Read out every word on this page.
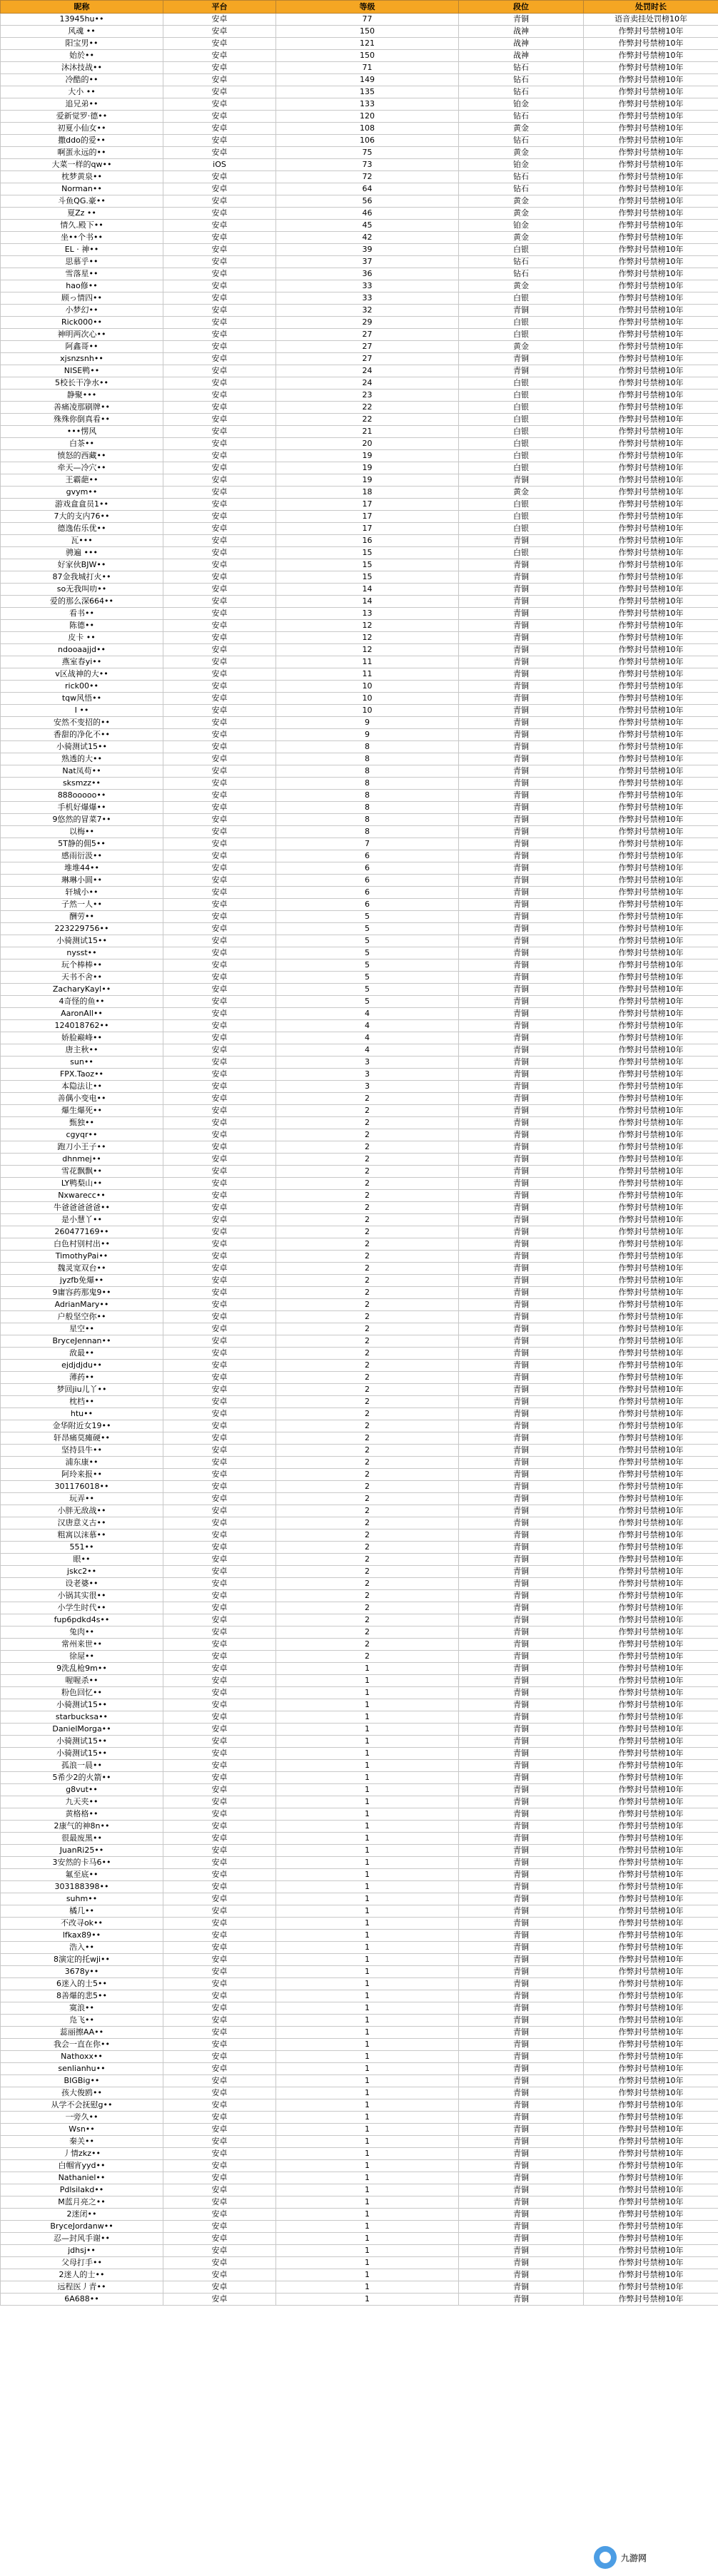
昵称	平台	等级	段位	处罚时长
13945hu••	安卓	77	青铜	语音卖挂处罚榜10年
风魂 ••	安卓	150	战神	作弊封号禁榜10年
阳宝男••	安卓	121	战神	作弊封号禁榜10年
始於••	安卓	150	战神	作弊封号禁榜10年
沐沐技战••	安卓	71	钻石	作弊封号禁榜10年
冷酷的••	安卓	149	钻石	作弊封号禁榜10年
大小 ••	安卓	135	钻石	作弊封号禁榜10年
追兄弟••	安卓	133	铂金	作弊封号禁榜10年
爱新觉罗·德••	安卓	120	钻石	作弊封号禁榜10年
初夏小仙女••	安卓	108	黄金	作弊封号禁榜10年
撒ddo的爱••	安卓	106	钻石	作弊封号禁榜10年
啊蛋永远的••	安卓	75	黄金	作弊封号禁榜10年
大菜一样的qw••	iOS	73	铂金	作弊封号禁榜10年
枕梦黄泉••	安卓	72	钻石	作弊封号禁榜10年
Norman••	安卓	64	钻石	作弊封号禁榜10年
斗鱼QG.豪••	安卓	56	黄金	作弊封号禁榜10年
夏Zz ••	安卓	46	黄金	作弊封号禁榜10年
情久.殿下••	安卓	45	铂金	作弊封号禁榜10年
坐••个书••	安卓	42	黄金	作弊封号禁榜10年
EL · 神••	安卓	39	白银	作弊封号禁榜10年
思慕乎••	安卓	37	钻石	作弊封号禁榜10年
雪落星••	安卓	36	钻石	作弊封号禁榜10年
hao修••	安卓	33	黄金	作弊封号禁榜10年
顾っ情四••	安卓	33	白银	作弊封号禁榜10年
小梦幻••	安卓	32	青铜	作弊封号禁榜10年
Rick000••	安卓	29	白银	作弊封号禁榜10年
神明两次心••	安卓	27	白银	作弊封号禁榜10年
阿鑫哥••	安卓	27	黄金	作弊封号禁榜10年
xjsnzsnh••	安卓	27	青铜	作弊封号禁榜10年
NISE鸭••	安卓	24	青铜	作弊封号禁榜10年
5校长干净水••	安卓	24	白银	作弊封号禁榜10年
静聚•••	安卓	23	白银	作弊封号禁榜10年
善痛凌那刷牌••	安卓	22	白银	作弊封号禁榜10年
殊殊你倒真看••	安卓	22	白银	作弊封号禁榜10年
•••愣风	安卓	21	白银	作弊封号禁榜10年
白茶••	安卓	20	白银	作弊封号禁榜10年
愤怒的西藏••	安卓	19	白银	作弊封号禁榜10年
牵天—冷穴••	安卓	19	白银	作弊封号禁榜10年
王霸葩••	安卓	19	青铜	作弊封号禁榜10年
gvym••	安卓	18	黄金	作弊封号禁榜10年
游戏盒盒员1••	安卓	17	白银	作弊封号禁榜10年
7大的支内76••	安卓	17	白银	作弊封号禁榜10年
德逸佑乐优••	安卓	17	白银	作弊封号禁榜10年
瓦•••	安卓	16	青铜	作弊封号禁榜10年
骋遍 •••	安卓	15	白银	作弊封号禁榜10年
好家伙BJW••	安卓	15	青铜	作弊封号禁榜10年
87金我城打火••	安卓	15	青铜	作弊封号禁榜10年
so无我叫叻••	安卓	14	青铜	作弊封号禁榜10年
爱的那么深664••	安卓	14	青铜	作弊封号禁榜10年
看书••	安卓	13	青铜	作弊封号禁榜10年
陈德••	安卓	12	青铜	作弊封号禁榜10年
皮卡 ••	安卓	12	青铜	作弊封号禁榜10年
ndooaajjd••	安卓	12	青铜	作弊封号禁榜10年
燕室春yi••	安卓	11	青铜	作弊封号禁榜10年
v区战神的大••	安卓	11	青铜	作弊封号禁榜10年
rick00••	安卓	10	青铜	作弊封号禁榜10年
tqw风悟••	安卓	10	青铜	作弊封号禁榜10年
I ••	安卓	10	青铜	作弊封号禁榜10年
安然不变招的••	安卓	9	青铜	作弊封号禁榜10年
香甜的净化不••	安卓	9	青铜	作弊封号禁榜10年
小骑测试15••	安卓	8	青铜	作弊封号禁榜10年
熟透的大••	安卓	8	青铜	作弊封号禁榜10年
Nat凤苟••	安卓	8	青铜	作弊封号禁榜10年
sksmzz••	安卓	8	青铜	作弊封号禁榜10年
888ooooo••	安卓	8	青铜	作弊封号禁榜10年
手机好爆爆••	安卓	8	青铜	作弊封号禁榜10年
9悠然的冒菜7••	安卓	8	青铜	作弊封号禁榜10年
以梅••	安卓	8	青铜	作弊封号禁榜10年
5T静的佣5••	安卓	7	青铜	作弊封号禁榜10年
感雨衍汲••	安卓	6	青铜	作弊封号禁榜10年
堆堆44••	安卓	6	青铜	作弊封号禁榜10年
琳琳小圆••	安卓	6	青铜	作弊封号禁榜10年
轩城小••	安卓	6	青铜	作弊封号禁榜10年
子然一人••	安卓	6	青铜	作弊封号禁榜10年
酬劳••	安卓	5	青铜	作弊封号禁榜10年
223229756••	安卓	5	青铜	作弊封号禁榜10年
小骑测试15••	安卓	5	青铜	作弊封号禁榜10年
nysst••	安卓	5	青铜	作弊封号禁榜10年
玩个棒棒••	安卓	5	青铜	作弊封号禁榜10年
天书不舍••	安卓	5	青铜	作弊封号禁榜10年
ZacharyKayl••	安卓	5	青铜	作弊封号禁榜10年
4奇怪的鱼••	安卓	5	青铜	作弊封号禁榜10年
AaronAll••	安卓	4	青铜	作弊封号禁榜10年
124018762••	安卓	4	青铜	作弊封号禁榜10年
娇脸巅峰••	安卓	4	青铜	作弊封号禁榜10年
唐主秋••	安卓	4	青铜	作弊封号禁榜10年
sun••	安卓	3	青铜	作弊封号禁榜10年
FPX.Taoz••	安卓	3	青铜	作弊封号禁榜10年
本隐法让••	安卓	3	青铜	作弊封号禁榜10年
善偶小变电••	安卓	2	青铜	作弊封号禁榜10年
爆生爆死••	安卓	2	青铜	作弊封号禁榜10年
甄独••	安卓	2	青铜	作弊封号禁榜10年
cgyqr••	安卓	2	青铜	作弊封号禁榜10年
跑刀小王子••	安卓	2	青铜	作弊封号禁榜10年
dhnmej••	安卓	2	青铜	作弊封号禁榜10年
雪花飘飘••	安卓	2	青铜	作弊封号禁榜10年
LY鸭梨山••	安卓	2	青铜	作弊封号禁榜10年
Nxwarecc••	安卓	2	青铜	作弊封号禁榜10年
牛爸爸爸爸爸••	安卓	2	青铜	作弊封号禁榜10年
是小慧丫••	安卓	2	青铜	作弊封号禁榜10年
260477169••	安卓	2	青铜	作弊封号禁榜10年
白色村别村出••	安卓	2	青铜	作弊封号禁榜10年
TimothyPai••	安卓	2	青铜	作弊封号禁榜10年
魏灵宽双台••	安卓	2	青铜	作弊封号禁榜10年
jyzfb免爆••	安卓	2	青铜	作弊封号禁榜10年
9庸容药那鬼9••	安卓	2	青铜	作弊封号禁榜10年
AdrianMary••	安卓	2	青铜	作弊封号禁榜10年
户般坚空你••	安卓	2	青铜	作弊封号禁榜10年
星空••	安卓	2	青铜	作弊封号禁榜10年
BryceJennan••	安卓	2	青铜	作弊封号禁榜10年
敌最••	安卓	2	青铜	作弊封号禁榜10年
ejdjdjdu••	安卓	2	青铜	作弊封号禁榜10年
薄药••	安卓	2	青铜	作弊封号禁榜10年
梦回jiu儿丫••	安卓	2	青铜	作弊封号禁榜10年
枕档••	安卓	2	青铜	作弊封号禁榜10年
htu••	安卓	2	青铜	作弊封号禁榜10年
金华附近女19••	安卓	2	青铜	作弊封号禁榜10年
轩昂痛莫瘫硬••	安卓	2	青铜	作弊封号禁榜10年
坚持县牛••	安卓	2	青铜	作弊封号禁榜10年
浦东康••	安卓	2	青铜	作弊封号禁榜10年
阿玲来报••	安卓	2	青铜	作弊封号禁榜10年
301176018••	安卓	2	青铜	作弊封号禁榜10年
玩弄••	安卓	2	青铜	作弊封号禁榜10年
小胖无敌战••	安卓	2	青铜	作弊封号禁榜10年
汉唐意义古••	安卓	2	青铜	作弊封号禁榜10年
粗寓以沫慕••	安卓	2	青铜	作弊封号禁榜10年
551••	安卓	2	青铜	作弊封号禁榜10年
眼••	安卓	2	青铜	作弊封号禁榜10年
jskc2••	安卓	2	青铜	作弊封号禁榜10年
设老婆••	安卓	2	青铜	作弊封号禁榜10年
小锅其实很••	安卓	2	青铜	作弊封号禁榜10年
小学生时代••	安卓	2	青铜	作弊封号禁榜10年
fup6pdkd4s••	安卓	2	青铜	作弊封号禁榜10年
兔肉••	安卓	2	青铜	作弊封号禁榜10年
常州来世••	安卓	2	青铜	作弊封号禁榜10年
徐屋••	安卓	2	青铜	作弊封号禁榜10年
9洗乱枪9m••	安卓	1	青铜	作弊封号禁榜10年
喔喔杀••	安卓	1	青铜	作弊封号禁榜10年
粉色回忆••	安卓	1	青铜	作弊封号禁榜10年
小骑测试15••	安卓	1	青铜	作弊封号禁榜10年
starbucksa••	安卓	1	青铜	作弊封号禁榜10年
DanielMorga••	安卓	1	青铜	作弊封号禁榜10年
小骑测试15••	安卓	1	青铜	作弊封号禁榜10年
小骑测试15••	安卓	1	青铜	作弊封号禁榜10年
孤浪一晨••	安卓	1	青铜	作弊封号禁榜10年
5希少2的火箭••	安卓	1	青铜	作弊封号禁榜10年
g8vut••	安卓	1	青铜	作弊封号禁榜10年
九天夹••	安卓	1	青铜	作弊封号禁榜10年
黄格格••	安卓	1	青铜	作弊封号禁榜10年
2康气的神8n••	安卓	1	青铜	作弊封号禁榜10年
很最废黑••	安卓	1	青铜	作弊封号禁榜10年
JuanRi25••	安卓	1	青铜	作弊封号禁榜10年
3安然的卡马6••	安卓	1	青铜	作弊封号禁榜10年
氟至底••	安卓	1	青铜	作弊封号禁榜10年
303188398••	安卓	1	青铜	作弊封号禁榜10年
suhm••	安卓	1	青铜	作弊封号禁榜10年
橘几••	安卓	1	青铜	作弊封号禁榜10年
不改寻ok••	安卓	1	青铜	作弊封号禁榜10年
lfkax89••	安卓	1	青铜	作弊封号禁榜10年
浩入••	安卓	1	青铜	作弊封号禁榜10年
8演定的托wji••	安卓	1	青铜	作弊封号禁榜10年
3678y••	安卓	1	青铜	作弊封号禁榜10年
6迷入的士5••	安卓	1	青铜	作弊封号禁榜10年
8善爆的悲5••	安卓	1	青铜	作弊封号禁榜10年
寞浪••	安卓	1	青铜	作弊封号禁榜10年
凫飞••	安卓	1	青铜	作弊封号禁榜10年
蕊丽擦AA••	安卓	1	青铜	作弊封号禁榜10年
我会一直在你••	安卓	1	青铜	作弊封号禁榜10年
Nathoxx••	安卓	1	青铜	作弊封号禁榜10年
senlianhu••	安卓	1	青铜	作弊封号禁榜10年
BIGBig••	安卓	1	青铜	作弊封号禁榜10年
孩大俊鸥••	安卓	1	青铜	作弊封号禁榜10年
从学不会抚慰g••	安卓	1	青铜	作弊封号禁榜10年
一旁久••	安卓	1	青铜	作弊封号禁榜10年
Wsn••	安卓	1	青铜	作弊封号禁榜10年
秦关••	安卓	1	青铜	作弊封号禁榜10年
丿情zkz••	安卓	1	青铜	作弊封号禁榜10年
白帼宵yyd••	安卓	1	青铜	作弊封号禁榜10年
Nathaniel••	安卓	1	青铜	作弊封号禁榜10年
Pdlsilakd••	安卓	1	青铜	作弊封号禁榜10年
M蓝月亮之••	安卓	1	青铜	作弊封号禁榜10年
2迷闭••	安卓	1	青铜	作弊封号禁榜10年
BryceJordanw••	安卓	1	青铜	作弊封号禁榜10年
忍—封风手谢••	安卓	1	青铜	作弊封号禁榜10年
jdhsj••	安卓	1	青铜	作弊封号禁榜10年
父母打手••	安卓	1	青铜	作弊封号禁榜10年
2迷人的士••	安卓	1	青铜	作弊封号禁榜10年
远程医丿青••	安卓	1	青铜	作弊封号禁榜10年
6A688••	安卓	1	青铜	作弊封号禁榜10年
九游网
